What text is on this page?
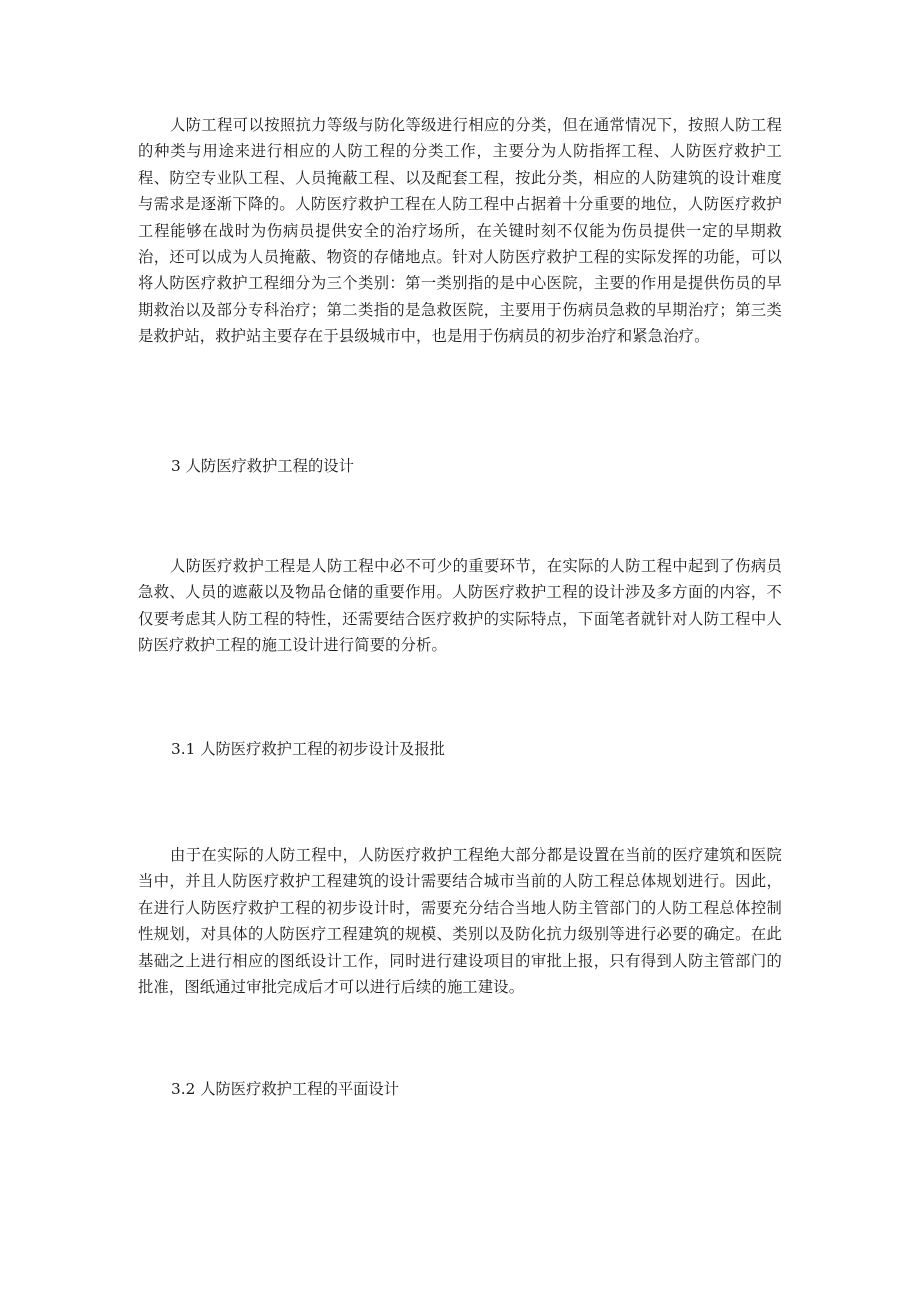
人防工程可以按照抗力等级与防化等级进行相应的分类，但在通常情况下，按照人防工程的种类与用途来进行相应的人防工程的分类工作，主要分为人防指挥工程、人防医疗救护工程、防空专业队工程、人员掩蔽工程、以及配套工程，按此分类，相应的人防建筑的设计难度与需求是逐渐下降的。人防医疗救护工程在人防工程中占据着十分重要的地位，人防医疗救护工程能够在战时为伤病员提供安全的治疗场所，在关键时刻不仅能为伤员提供一定的早期救治，还可以成为人员掩蔽、物资的存储地点。针对人防医疗救护工程的实际发挥的功能，可以将人防医疗救护工程细分为三个类别：第一类别指的是中心医院，主要的作用是提供伤员的早期救治以及部分专科治疗；第二类指的是急救医院，主要用于伤病员急救的早期治疗；第三类是救护站，救护站主要存在于县级城市中，也是用于伤病员的初步治疗和紧急治疗。

3 人防医疗救护工程的设计

人防医疗救护工程是人防工程中必不可少的重要环节，在实际的人防工程中起到了伤病员急救、人员的遮蔽以及物品仓储的重要作用。人防医疗救护工程的设计涉及多方面的内容，不仅要考虑其人防工程的特性，还需要结合医疗救护的实际特点，下面笔者就针对人防工程中人防医疗救护工程的施工设计进行简要的分析。

3.1 人防医疗救护工程的初步设计及报批

由于在实际的人防工程中，人防医疗救护工程绝大部分都是设置在当前的医疗建筑和医院当中，并且人防医疗救护工程建筑的设计需要结合城市当前的人防工程总体规划进行。因此，在进行人防医疗救护工程的初步设计时，需要充分结合当地人防主管部门的人防工程总体控制性规划，对具体的人防医疗工程建筑的规模、类别以及防化抗力级别等进行必要的确定。在此基础之上进行相应的图纸设计工作，同时进行建设项目的审批上报，只有得到人防主管部门的批准，图纸通过审批完成后才可以进行后续的施工建设。

3.2 人防医疗救护工程的平面设计
